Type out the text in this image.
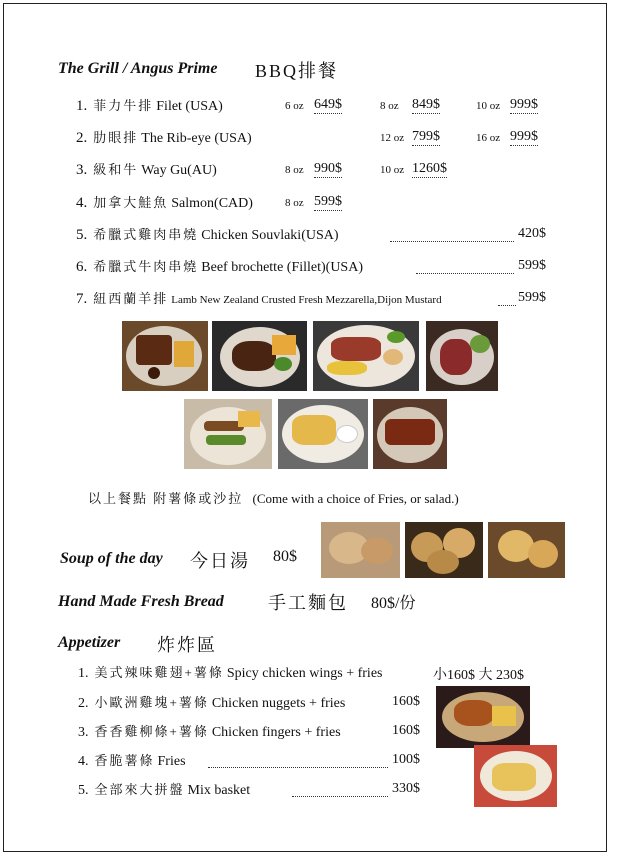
The Grill / Angus Prime BBQ排餐
1. 菲力牛排 Filet (USA)	6 oz 649$	8 oz 849$	10 oz 999$
2. 肋眼排 The Rib-eye (USA)	12 oz 799$	16 oz 999$
3. 級和牛 Way Gu(AU)	8 oz 990$	10 oz 1260$
4. 加拿大鮭魚 Salmon(CAD)	8 oz 599$
5. 希臘式雞肉串燒 Chicken Souvlaki(USA)	420$
6. 希臘式牛肉串燒 Beef brochette (Fillet)(USA)	599$
7. 紐西蘭羊排 Lamb New Zealand Crusted Fresh Mezzarella,Dijon Mustard	599$
以上餐點 附薯條或沙拉 (Come with a choice of Fries, or salad.)
Soup of the day 今日湯 80$
Hand Made Fresh Bread 手工麵包 80$/份
Appetizer 炸炸區
1. 美式辣味雞翅+薯條 Spicy chicken wings + fries	小160$ 大 230$
2. 小歐洲雞塊+薯條 Chicken nuggets + fries	160$
3. 香香雞柳條+薯條 Chicken fingers + fries	160$
4. 香脆薯條 Fries	100$
5. 全部來大拼盤 Mix basket	330$
